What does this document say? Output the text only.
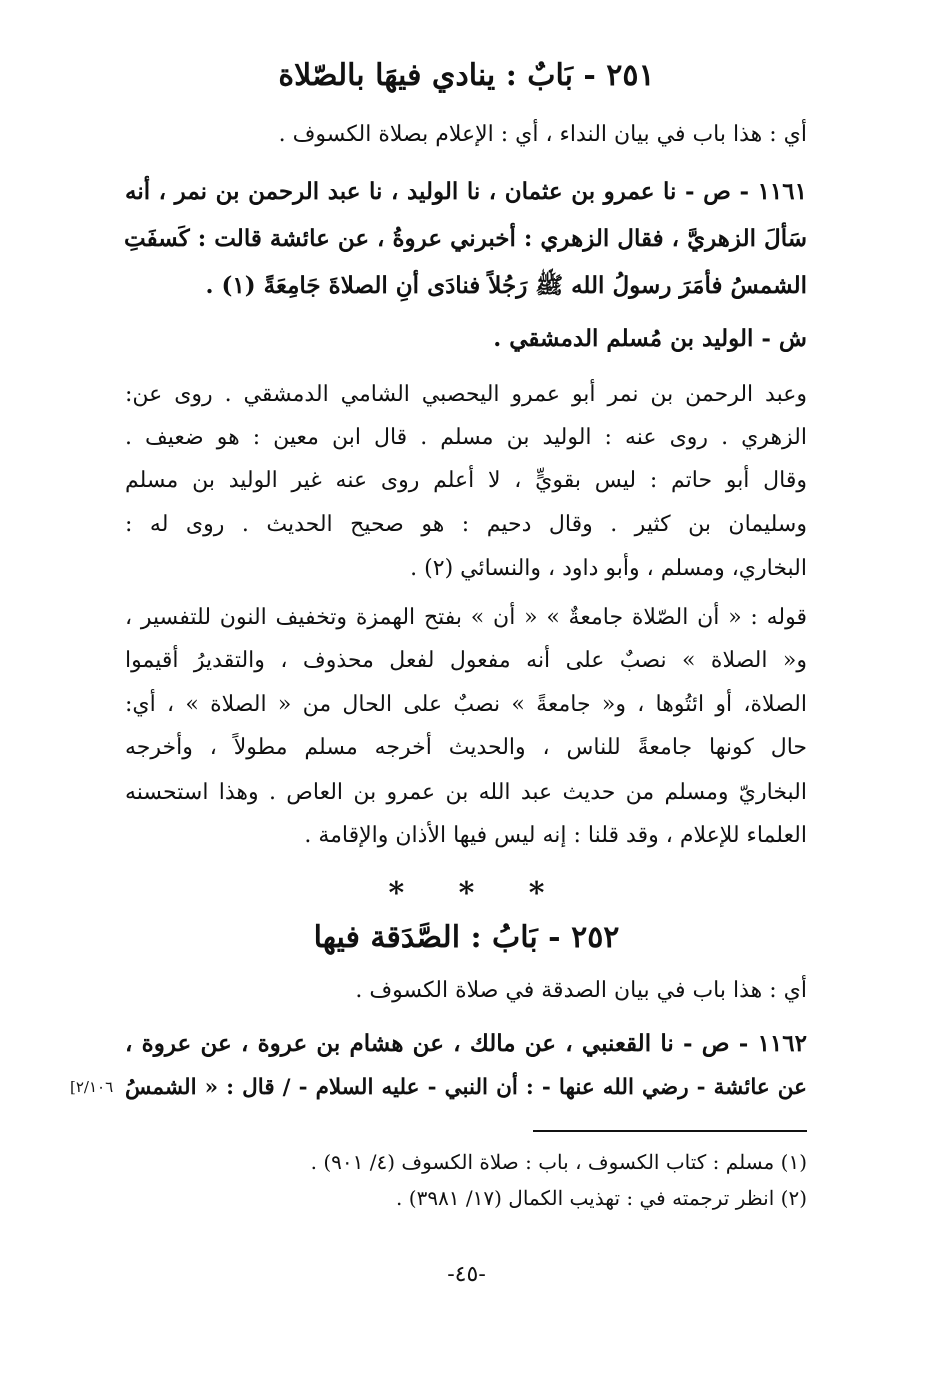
٢٥١ - بَابٌ : ينادي فيهَا بالصّلاة
أي : هذا باب في بيان النداء ، أي : الإعلام بصلاة الكسوف .
١١٦١ - ص - نا عمرو بن عثمان ، نا الوليد ، نا عبد الرحمن بن نمر ، أنه
سَألَ الزهريَّ ، فقال الزهري : أخبرني عروةُ ، عن عائشة قالت : كَسفَتِ
الشمسُ فأمَرَ رسولُ الله ﷺ رَجُلاً فنادَى أنِ الصلاةَ جَامِعَةً (١) .
ش - الوليد بن مُسلم الدمشقي .
وعبد الرحمن بن نمر أبو عمرو اليحصبي الشامي الدمشقي . روى عن:
الزهري . روى عنه : الوليد بن مسلم . قال ابن معين : هو ضعيف .
وقال أبو حاتم : ليس بقويٍّ ، لا أعلم روى عنه غير الوليد بن مسلم
وسليمان بن كثير . وقال دحيم : هو صحيح الحديث . روى له :
البخاري، ومسلم ، وأبو داود ، والنسائي (٢) .
قوله : « أن الصّلاة جامعةٌ » « أن » بفتح الهمزة وتخفيف النون للتفسير ،
و« الصلاة » نصبٌ على أنه مفعول لفعل محذوف ، والتقديرُ أقيموا
الصلاة، أو ائتُوها ، و« جامعةً » نصبٌ على الحال من « الصلاة » ، أي:
حال كونها جامعةً للناس ، والحديث أخرجه مسلم مطولاً ، وأخرجه
البخاريّ ومسلم من حديث عبد الله بن عمرو بن العاص . وهذا استحسنه
العلماء للإعلام ، وقد قلنا : إنه ليس فيها الأذان والإقامة .
* * *
٢٥٢ - بَابُ : الصَّدَقة فيها
أي : هذا باب في بيان الصدقة في صلاة الكسوف .
١١٦٢ - ص - نا القعنبي ، عن مالك ، عن هشام بن عروة ، عن عروة ،
عن عائشة - رضي الله عنها - : أن النبي - عليه السلام - / قال : « الشمسُ
[٢/١٠٦
(١) مسلم : كتاب الكسوف ، باب : صلاة الكسوف (٤/ ٩٠١) .
(٢) انظر ترجمته في : تهذيب الكمال (١٧/ ٣٩٨١) .
-٤٥-
